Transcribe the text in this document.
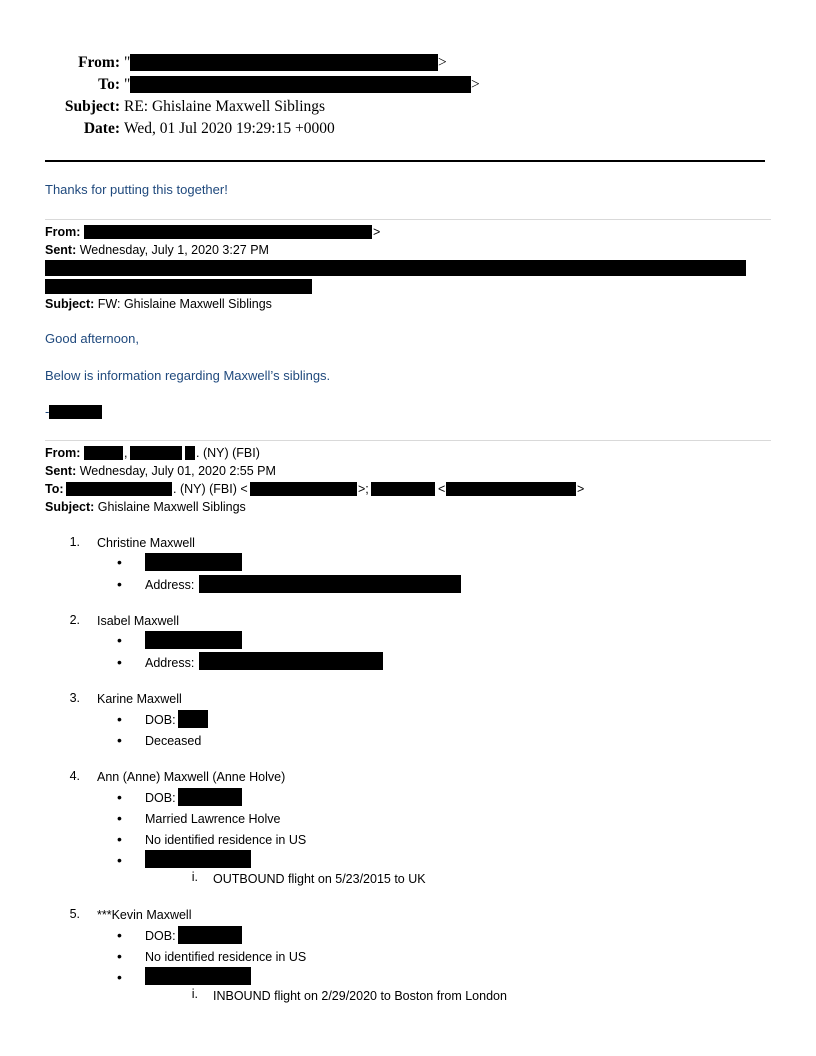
From: "	>
To: "	>
Subject: RE: Ghislaine Maxwell Siblings
Date: Wed, 01 Jul 2020 19:29:15 +0000
Thanks for putting this together!
From:	>
Sent: Wednesday, July 1, 2020 3:27 PM
Subject: FW: Ghislaine Maxwell Siblings
Good afternoon,
Below is information regarding Maxwell’s siblings.
-
From:	,	. (NY) (FBI)
Sent: Wednesday, July 01, 2020 2:55 PM
To:	. (NY) (FBI) <	>;	<	>
Subject: Ghislaine Maxwell Siblings
1. Christine Maxwell
•
• Address:
2. Isabel Maxwell
•
• Address:
3. Karine Maxwell
• DOB:
• Deceased
4. Ann (Anne) Maxwell (Anne Holve)
• DOB:
• Married Lawrence Holve
• No identified residence in US
•
i. OUTBOUND flight on 5/23/2015 to UK
5. ***Kevin Maxwell
• DOB:
• No identified residence in US
•
i. INBOUND flight on 2/29/2020 to Boston from London
